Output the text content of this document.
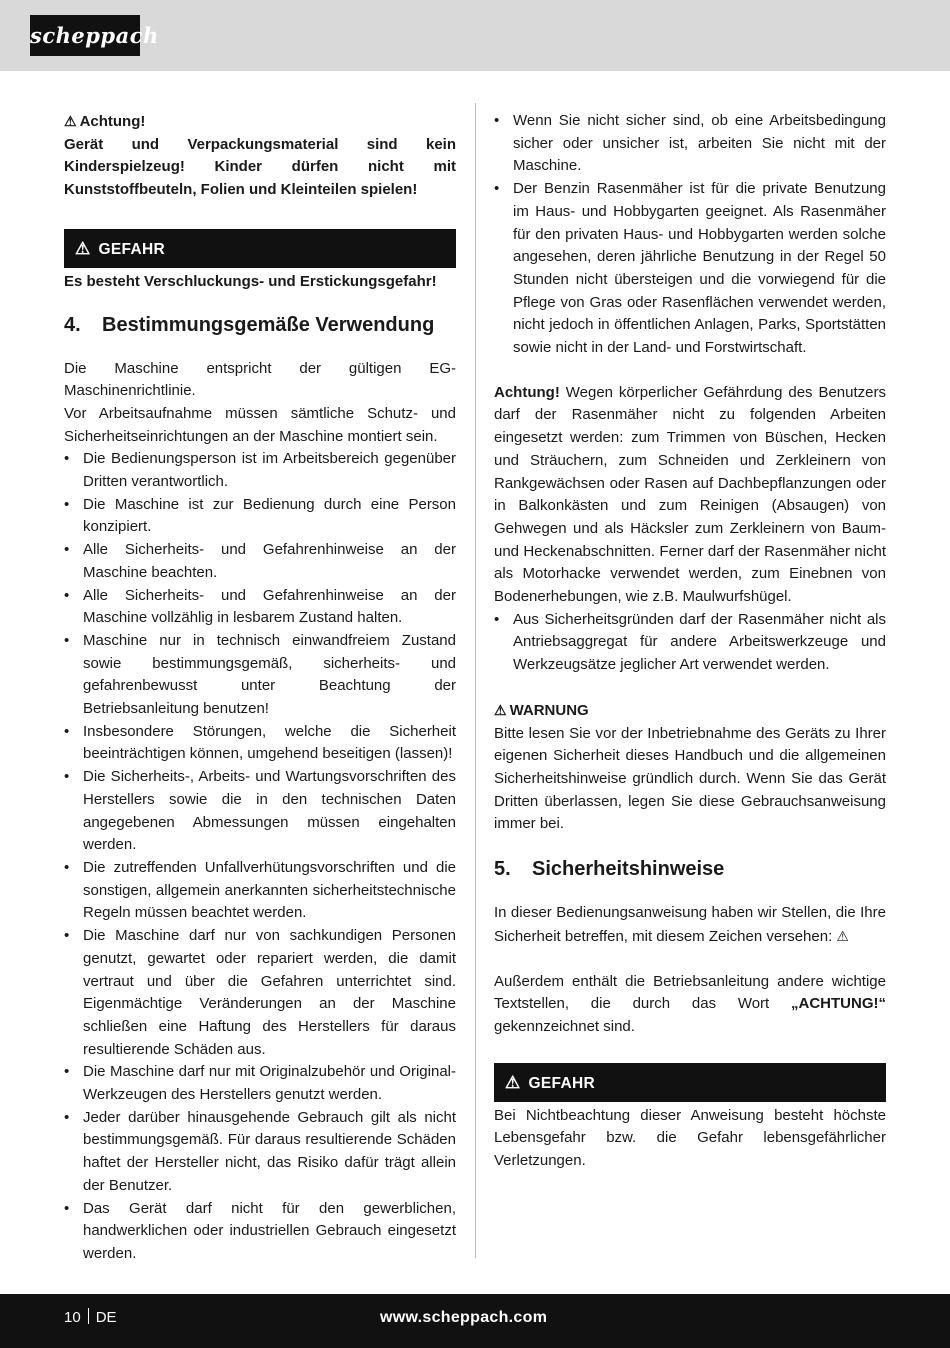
scheppach

⚠ Achtung!

Gerät und Verpackungsmaterial sind kein Kinderspielzeug! Kinder dürfen nicht mit Kunststoffbeuteln, Folien und Kleinteilen spielen!

⚠ GEFAHR

Es besteht Verschluckungs- und Erstickungsgefahr!

4. Bestimmungsgemäße Verwendung

Die Maschine entspricht der gültigen EG-Maschinenrichtlinie.

Vor Arbeitsaufnahme müssen sämtliche Schutz- und Sicherheitseinrichtungen an der Maschine montiert sein.

• Die Bedienungsperson ist im Arbeitsbereich gegenüber Dritten verantwortlich.
• Die Maschine ist zur Bedienung durch eine Person konzipiert.
• Alle Sicherheits- und Gefahrenhinweise an der Maschine beachten.
• Alle Sicherheits- und Gefahrenhinweise an der Maschine vollzählig in lesbarem Zustand halten.
• Maschine nur in technisch einwandfreiem Zustand sowie bestimmungsgemäß, sicherheits- und gefahrenbewusst unter Beachtung der Betriebsanleitung benutzen!
• Insbesondere Störungen, welche die Sicherheit beeinträchtigen können, umgehend beseitigen (lassen)!
• Die Sicherheits-, Arbeits- und Wartungsvorschriften des Herstellers sowie die in den technischen Daten angegebenen Abmessungen müssen eingehalten werden.
• Die zutreffenden Unfallverhütungsvorschriften und die sonstigen, allgemein anerkannten sicherheitstechnische Regeln müssen beachtet werden.
• Die Maschine darf nur von sachkundigen Personen genutzt, gewartet oder repariert werden, die damit vertraut und über die Gefahren unterrichtet sind. Eigenmächtige Veränderungen an der Maschine schließen eine Haftung des Herstellers für daraus resultierende Schäden aus.
• Die Maschine darf nur mit Originalzubehör und Original- Werkzeugen des Herstellers genutzt werden.
• Jeder darüber hinausgehende Gebrauch gilt als nicht bestimmungsgemäß. Für daraus resultierende Schäden haftet der Hersteller nicht, das Risiko dafür trägt allein der Benutzer.
• Das Gerät darf nicht für den gewerblichen, handwerklichen oder industriellen Gebrauch eingesetzt werden.
• Wenn Sie nicht sicher sind, ob eine Arbeitsbedingung sicher oder unsicher ist, arbeiten Sie nicht mit der Maschine.
• Der Benzin Rasenmäher ist für die private Benutzung im Haus- und Hobbygarten geeignet. Als Rasenmäher für den privaten Haus- und Hobbygarten werden solche angesehen, deren jährliche Benutzung in der Regel 50 Stunden nicht übersteigen und die vorwiegend für die Pflege von Gras oder Rasenflächen verwendet werden, nicht jedoch in öffentlichen Anlagen, Parks, Sportstätten sowie nicht in der Land- und Forstwirtschaft.

Achtung! Wegen körperlicher Gefährdung des Benutzers darf der Rasenmäher nicht zu folgenden Arbeiten eingesetzt werden: zum Trimmen von Büschen, Hecken und Sträuchern, zum Schneiden und Zerkleinern von Rankgewächsen oder Rasen auf Dachbepflanzungen oder in Balkonkästen und zum Reinigen (Absaugen) von Gehwegen und als Häcksler zum Zerkleinern von Baum- und Heckenabschnitten. Ferner darf der Rasenmäher nicht als Motorhacke verwendet werden, zum Einebnen von Bodenerhebungen, wie z.B. Maulwurfshügel.

• Aus Sicherheitsgründen darf der Rasenmäher nicht als Antriebsaggregat für andere Arbeitswerkzeuge und Werkzeugsätze jeglicher Art verwendet werden.

⚠ WARNUNG

Bitte lesen Sie vor der Inbetriebnahme des Geräts zu Ihrer eigenen Sicherheit dieses Handbuch und die allgemeinen Sicherheitshinweise gründlich durch. Wenn Sie das Gerät Dritten überlassen, legen Sie diese Gebrauchsanweisung immer bei.

5. Sicherheitshinweise

In dieser Bedienungsanweisung haben wir Stellen, die Ihre Sicherheit betreffen, mit diesem Zeichen versehen: ⚠

Außerdem enthält die Betriebsanleitung andere wichtige Textstellen, die durch das Wort „ACHTUNG!“ gekennzeichnet sind.

⚠ GEFAHR

Bei Nichtbeachtung dieser Anweisung besteht höchste Lebensgefahr bzw. die Gefahr lebensgefährlicher Verletzungen.

10 DE	www.scheppach.com
